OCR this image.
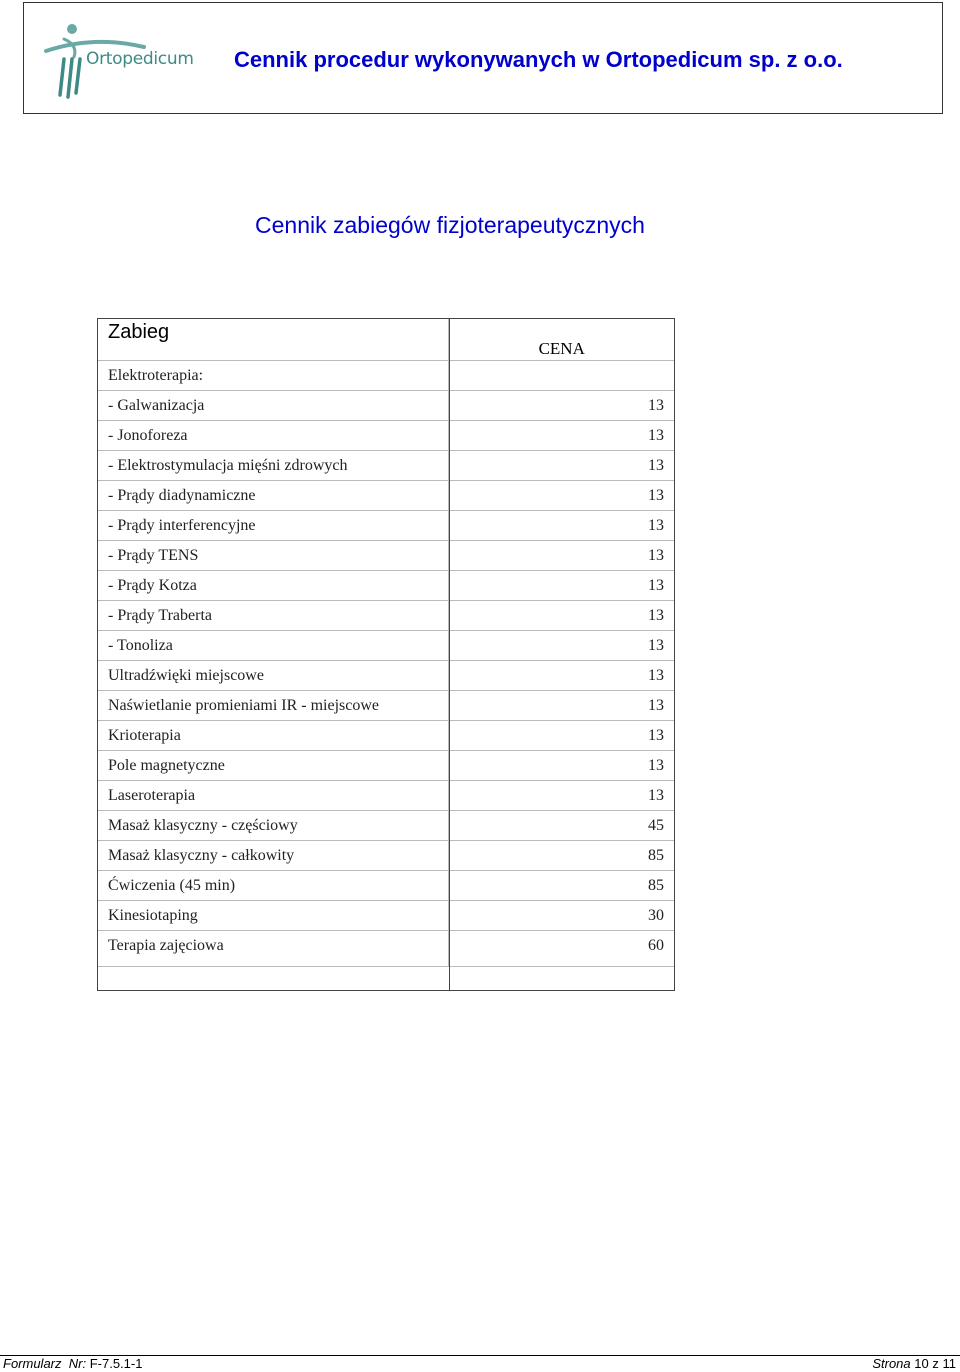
Ortopedicum Cennik procedur wykonywanych w Ortopedicum sp. z o.o.
Cennik zabiegów fizjoterapeutycznych
Zabieg	CENA
Elektroterapia:	
- Galwanizacja	13
- Jonoforeza	13
- Elektrostymulacja mięśni zdrowych	13
- Prądy diadynamiczne	13
- Prądy interferencyjne	13
- Prądy TENS	13
- Prądy Kotza	13
- Prądy Traberta	13
- Tonoliza	13
Ultradźwięki miejscowe	13
Naświetlanie promieniami IR - miejscowe	13
Krioterapia	13
Pole magnetyczne	13
Laseroterapia	13
Masaż klasyczny - częściowy	45
Masaż klasyczny - całkowity	85
Ćwiczenia (45 min)	85
Kinesiotaping	30
Terapia zajęciowa	60
Formularz Nr: F-7.5.1-1	Strona 10 z 11
